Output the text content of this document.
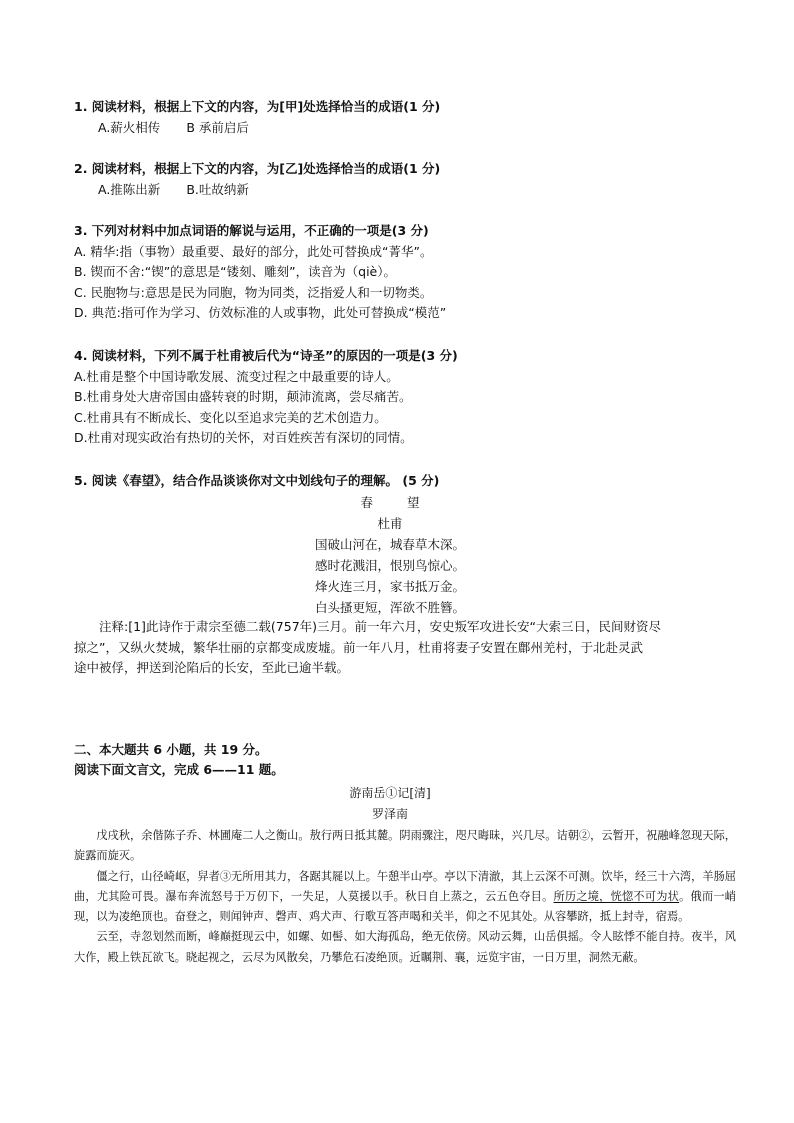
1. 阅读材料，根据上下文的内容，为[甲]处选择恰当的成语(1 分)
A.薪火相传 B 承前启后
2. 阅读材料，根据上下文的内容，为[乙]处选择恰当的成语(1 分)
A.推陈出新 B.吐故纳新
3. 下列对材料中加点词语的解说与运用，不正确的一项是(3 分)
A. 精华:指（事物）最重要、最好的部分，此处可替换成“菁华”。
B. 锲而不舍:“锲”的意思是“镂刻、雕刻”，读音为（qiè）。
C. 民胞物与:意思是民为同胞，物为同类，泛指爱人和一切物类。
D. 典范:指可作为学习、仿效标准的人或事物，此处可替换成“模范”
4. 阅读材料，下列不属于杜甫被后代为“诗圣”的原因的一项是(3 分)
A.杜甫是整个中国诗歌发展、流变过程之中最重要的诗人。
B.杜甫身处大唐帝国由盛转衰的时期，颠沛流离，尝尽痛苦。
C.杜甫具有不断成长、变化以至追求完美的艺术创造力。
D.杜甫对现实政治有热切的关怀，对百姓疾苦有深切的同情。
5. 阅读《春望》，结合作品谈谈你对文中划线句子的理解。 (5 分)
春望
杜甫
国破山河在，城春草木深。
感时花溅泪，恨别鸟惊心。
烽火连三月，家书抵万金。
白头搔更短，浑欲不胜簪。

注释:[1]此诗作于肃宗至德二载(757年)三月。前一年六月，安史叛军攻进长安“大索三日，民间财资尽

掠之”，又纵火焚城，繁华壮丽的京都变成废墟。前一年八月，杜甫将妻子安置在鄜州羌村，于北赴灵武

途中被俘，押送到沦陷后的长安，至此已逾半载。

二、本大题共 6 小题，共 19 分。
阅读下面文言文，完成 6——11 题。
游南岳①记[清]
罗泽南

戊戌秋，余偕陈子乔、林圃庵二人之衡山。敖行两日抵其麓。阴雨骤注，咫尺晦昧，兴几尽。诘朝②，云暂开，祝融峰忽现天际，旋露而旋灭。

僵之行，山径崎岖，舁者③无所用其力，各踞其屣以上。午憩半山亭。亭以下清澈，其上云深不可测。饮毕，经三十六湾，羊肠屈曲，尤其险可畏。瀑布奔流怒号于万仞下，一失足，人莫援以手。秋日自上蒸之，云五色夺目。所历之境，恍惚不可为状。俄而一峭现，以为凌绝顶也。奋登之，则闻钟声、磬声、鸡犬声、行歌互答声喝和关半，仰之不见其处。从容攀跻，抵上封寺，宿焉。

云至，寺忽划然而断，峰巅挺现云中，如螺、如髻、如大海孤岛，绝无依傍。风动云舞，山岳俱摇。令人眩悸不能自持。夜半，风大作，殿上铁瓦欲飞。晓起视之，云尽为风散矣，乃攀危石凌绝顶。近瞩荆、襄，远览宇宙，一日万里，洞然无蔽。
